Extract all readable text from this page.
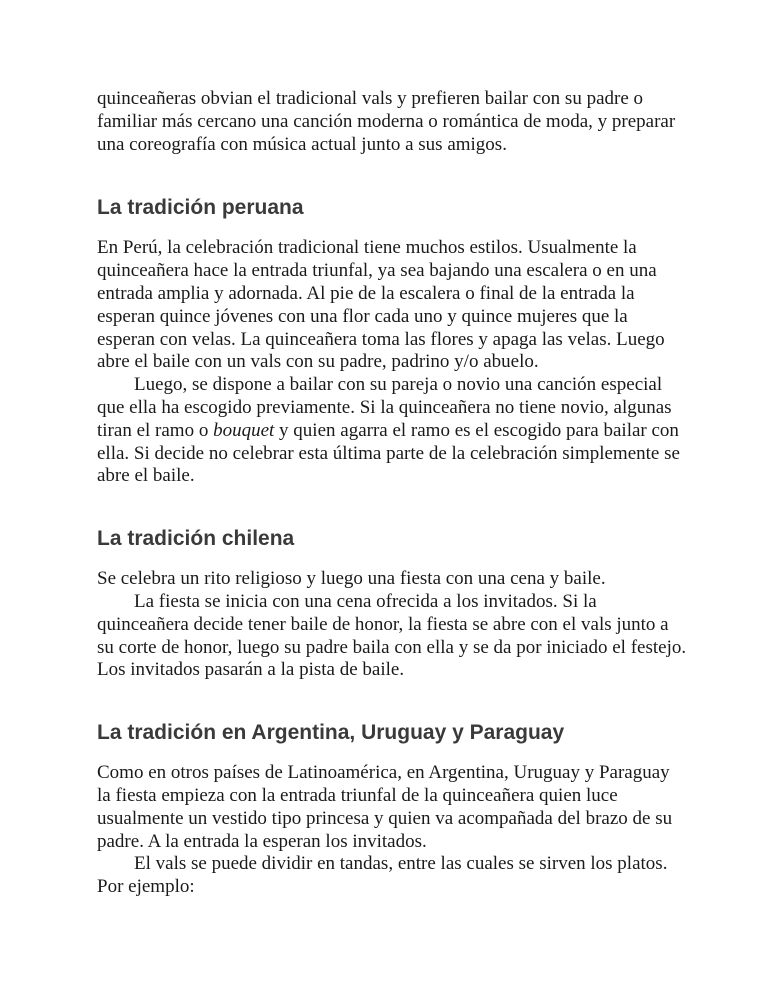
quinceañeras obvian el tradicional vals y prefieren bailar con su padre o familiar más cercano una canción moderna o romántica de moda, y preparar una coreografía con música actual junto a sus amigos.

La tradición peruana

En Perú, la celebración tradicional tiene muchos estilos. Usualmente la quinceañera hace la entrada triunfal, ya sea bajando una escalera o en una entrada amplia y adornada. Al pie de la escalera o final de la entrada la esperan quince jóvenes con una flor cada uno y quince mujeres que la esperan con velas. La quinceañera toma las flores y apaga las velas. Luego abre el baile con un vals con su padre, padrino y/o abuelo.

Luego, se dispone a bailar con su pareja o novio una canción especial que ella ha escogido previamente. Si la quinceañera no tiene novio, algunas tiran el ramo o bouquet y quien agarra el ramo es el escogido para bailar con ella. Si decide no celebrar esta última parte de la celebración simplemente se abre el baile.

La tradición chilena

Se celebra un rito religioso y luego una fiesta con una cena y baile.

La fiesta se inicia con una cena ofrecida a los invitados. Si la quinceañera decide tener baile de honor, la fiesta se abre con el vals junto a su corte de honor, luego su padre baila con ella y se da por iniciado el festejo. Los invitados pasarán a la pista de baile.

La tradición en Argentina, Uruguay y Paraguay

Como en otros países de Latinoamérica, en Argentina, Uruguay y Paraguay la fiesta empieza con la entrada triunfal de la quinceañera quien luce usualmente un vestido tipo princesa y quien va acompañada del brazo de su padre. A la entrada la esperan los invitados.

El vals se puede dividir en tandas, entre las cuales se sirven los platos. Por ejemplo:
